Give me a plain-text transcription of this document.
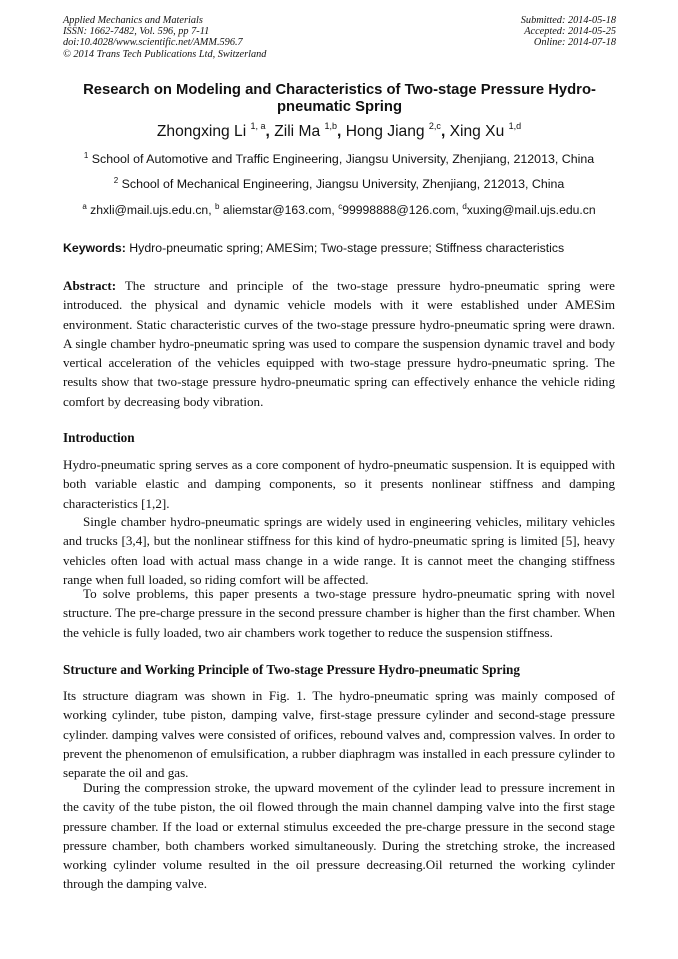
Applied Mechanics and Materials
ISSN: 1662-7482, Vol. 596, pp 7-11
doi:10.4028/www.scientific.net/AMM.596.7
© 2014 Trans Tech Publications Ltd, Switzerland
Submitted: 2014-05-18
Accepted: 2014-05-25
Online: 2014-07-18
Research on Modeling and Characteristics of Two-stage Pressure Hydro-pneumatic Spring
Zhongxing Li $^{1, a}$, Zili Ma $^{1,b}$, Hong Jiang $^{2,c}$, Xing Xu $^{1,d}$
$^1$ School of Automotive and Traffic Engineering, Jiangsu University, Zhenjiang, 212013, China
$^2$ School of Mechanical Engineering, Jiangsu University, Zhenjiang, 212013, China
$^a$ zhxli@mail.ujs.edu.cn, $^b$ aliemstar@163.com, $^c$99998888@126.com, $^d$xuxing@mail.ujs.edu.cn
Keywords: Hydro-pneumatic spring; AMESim; Two-stage pressure; Stiffness characteristics
Abstract: The structure and principle of the two-stage pressure hydro-pneumatic spring were introduced. the physical and dynamic vehicle models with it were established under AMESim environment. Static characteristic curves of the two-stage pressure hydro-pneumatic spring were drawn. A single chamber hydro-pneumatic spring was used to compare the suspension dynamic travel and body vertical acceleration of the vehicles equipped with two-stage pressure hydro-pneumatic spring. The results show that two-stage pressure hydro-pneumatic spring can effectively enhance the vehicle riding comfort by decreasing body vibration.
Introduction
Hydro-pneumatic spring serves as a core component of hydro-pneumatic suspension. It is equipped with both variable elastic and damping components, so it presents nonlinear stiffness and damping characteristics [1,2].
Single chamber hydro-pneumatic springs are widely used in engineering vehicles, military vehicles and trucks [3,4], but the nonlinear stiffness for this kind of hydro-pneumatic spring is limited [5], heavy vehicles often load with actual mass change in a wide range. It is cannot meet the changing stiffness range when full loaded, so riding comfort will be affected.
To solve problems, this paper presents a two-stage pressure hydro-pneumatic spring with novel structure. The pre-charge pressure in the second pressure chamber is higher than the first chamber. When the vehicle is fully loaded, two air chambers work together to reduce the suspension stiffness.
Structure and Working Principle of Two-stage Pressure Hydro-pneumatic Spring
Its structure diagram was shown in Fig. 1. The hydro-pneumatic spring was mainly composed of working cylinder, tube piston, damping valve, first-stage pressure cylinder and second-stage pressure cylinder. damping valves were consisted of orifices, rebound valves and, compression valves. In order to prevent the phenomenon of emulsification, a rubber diaphragm was installed in each pressure cylinder to separate the oil and gas.
During the compression stroke, the upward movement of the cylinder lead to pressure increment in the cavity of the tube piston, the oil flowed through the main channel damping valve into the first stage pressure chamber. If the load or external stimulus exceeded the pre-charge pressure in the second stage pressure chamber, both chambers worked simultaneously. During the stretching stroke, the increased working cylinder volume resulted in the oil pressure decreasing.Oil returned the working cylinder through the damping valve.
